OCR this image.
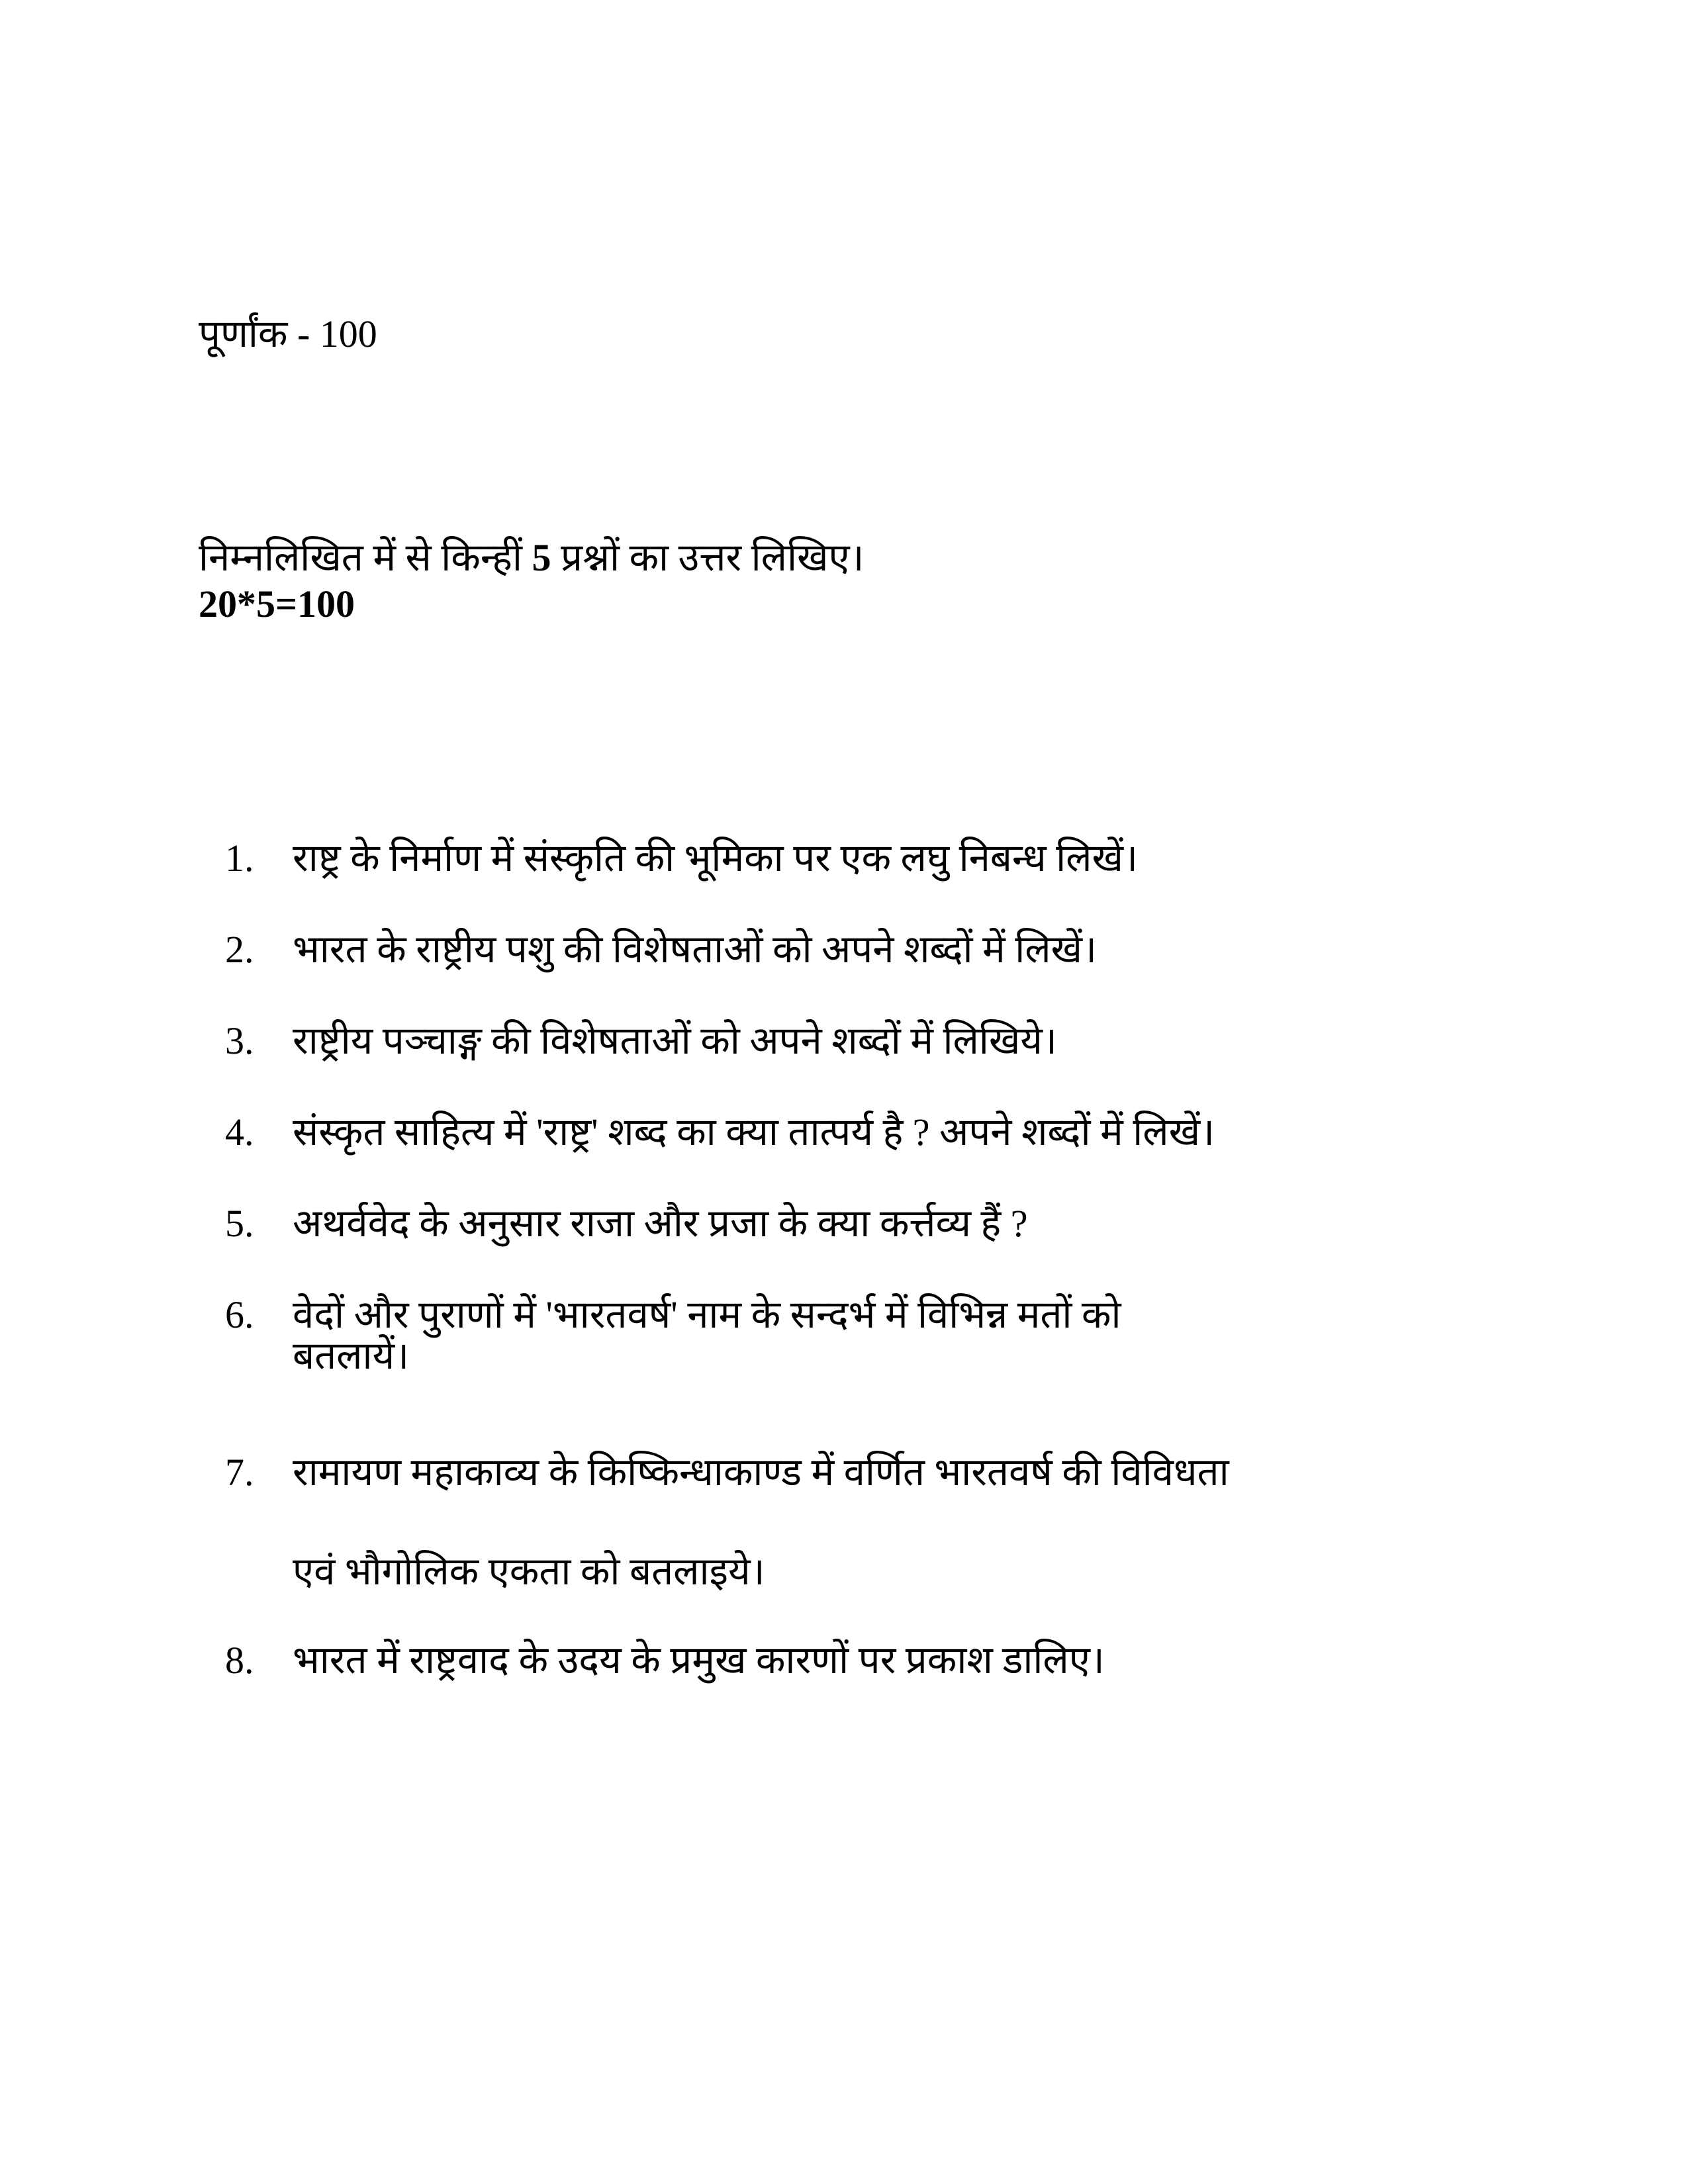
पूर्णांक - 100
निम्नलिखित में से किन्हीं 5 प्रश्नों का उत्तर लिखिए।
20*5=100
1.	राष्ट्र के निर्माण में संस्कृति की भूमिका पर एक लघु निबन्ध लिखें।
2.	भारत के राष्ट्रीय पशु की विशेषताओं को अपने शब्दों में लिखें।
3.	राष्ट्रीय पञ्चाङ्ग की विशेषताओं को अपने शब्दों में लिखिये।
4.	संस्कृत साहित्य में 'राष्ट्र' शब्द का क्या तात्पर्य है ? अपने शब्दों में लिखें।
5.	अथर्ववेद के अनुसार राजा और प्रजा के क्या कर्त्तव्य हैं ?
6.	वेदों और पुराणों में 'भारतवर्ष' नाम के सन्दर्भ में विभिन्न मतों को
बतलायें।
7.	रामायण महाकाव्य के किष्किन्धाकाण्ड में वर्णित भारतवर्ष की विविधता
एवं भौगोलिक एकता को बतलाइये।
8.	भारत में राष्ट्रवाद के उदय के प्रमुख कारणों पर प्रकाश डालिए।
